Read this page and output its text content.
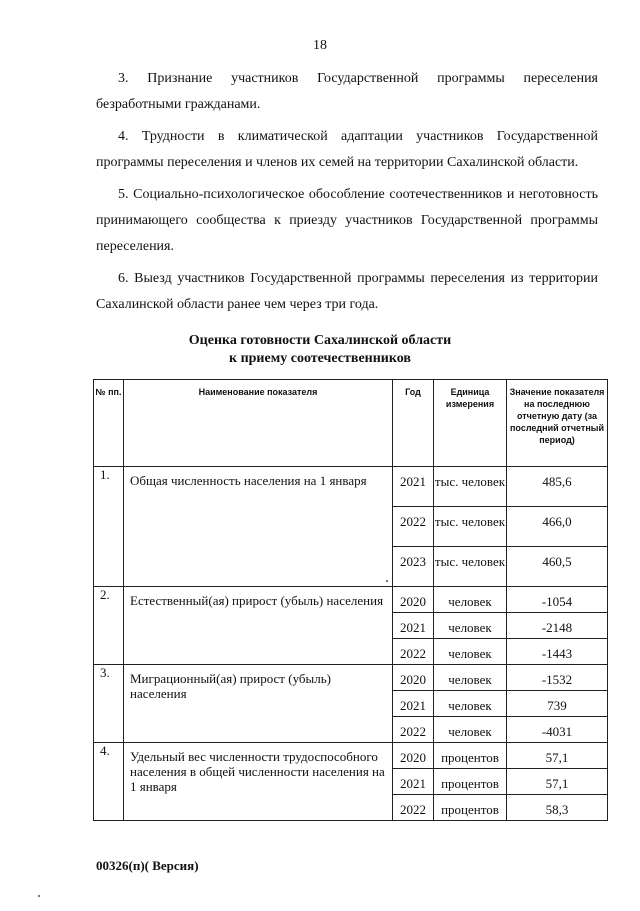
18

3. Признание участников Государственной программы переселения безработными гражданами.

4. Трудности в климатической адаптации участников Государственной программы переселения и членов их семей на территории Сахалинской области.

5. Социально-психологическое обособление соотечественников и неготовность принимающего сообщества к приезду участников Государственной программы переселения.

6. Выезд участников Государственной программы переселения из территории Сахалинской области ранее чем через три года.

Оценка готовности Сахалинской области
к приему соотечественников
№ пп.	Наименование показателя	Год	Единица измерения	Значение показателя на последнюю отчетную дату (за последний отчетный период)
1.	Общая численность населения на 1 января	2021	тыс. человек	485,6
		2022	тыс. человек	466,0
		2023	тыс. человек	460,5
2.	Естественный(ая) прирост (убыль) населения	2020	человек	-1054
		2021	человек	-2148
		2022	человек	-1443
3.	Миграционный(ая) прирост (убыль) населения	2020	человек	-1532
		2021	человек	739
		2022	человек	-4031
4.	Удельный вес численности трудоспособного населения в общей численности населения на 1 января	2020	процентов	57,1
		2021	процентов	57,1
		2022	процентов	58,3
00326(п)( Версия)
